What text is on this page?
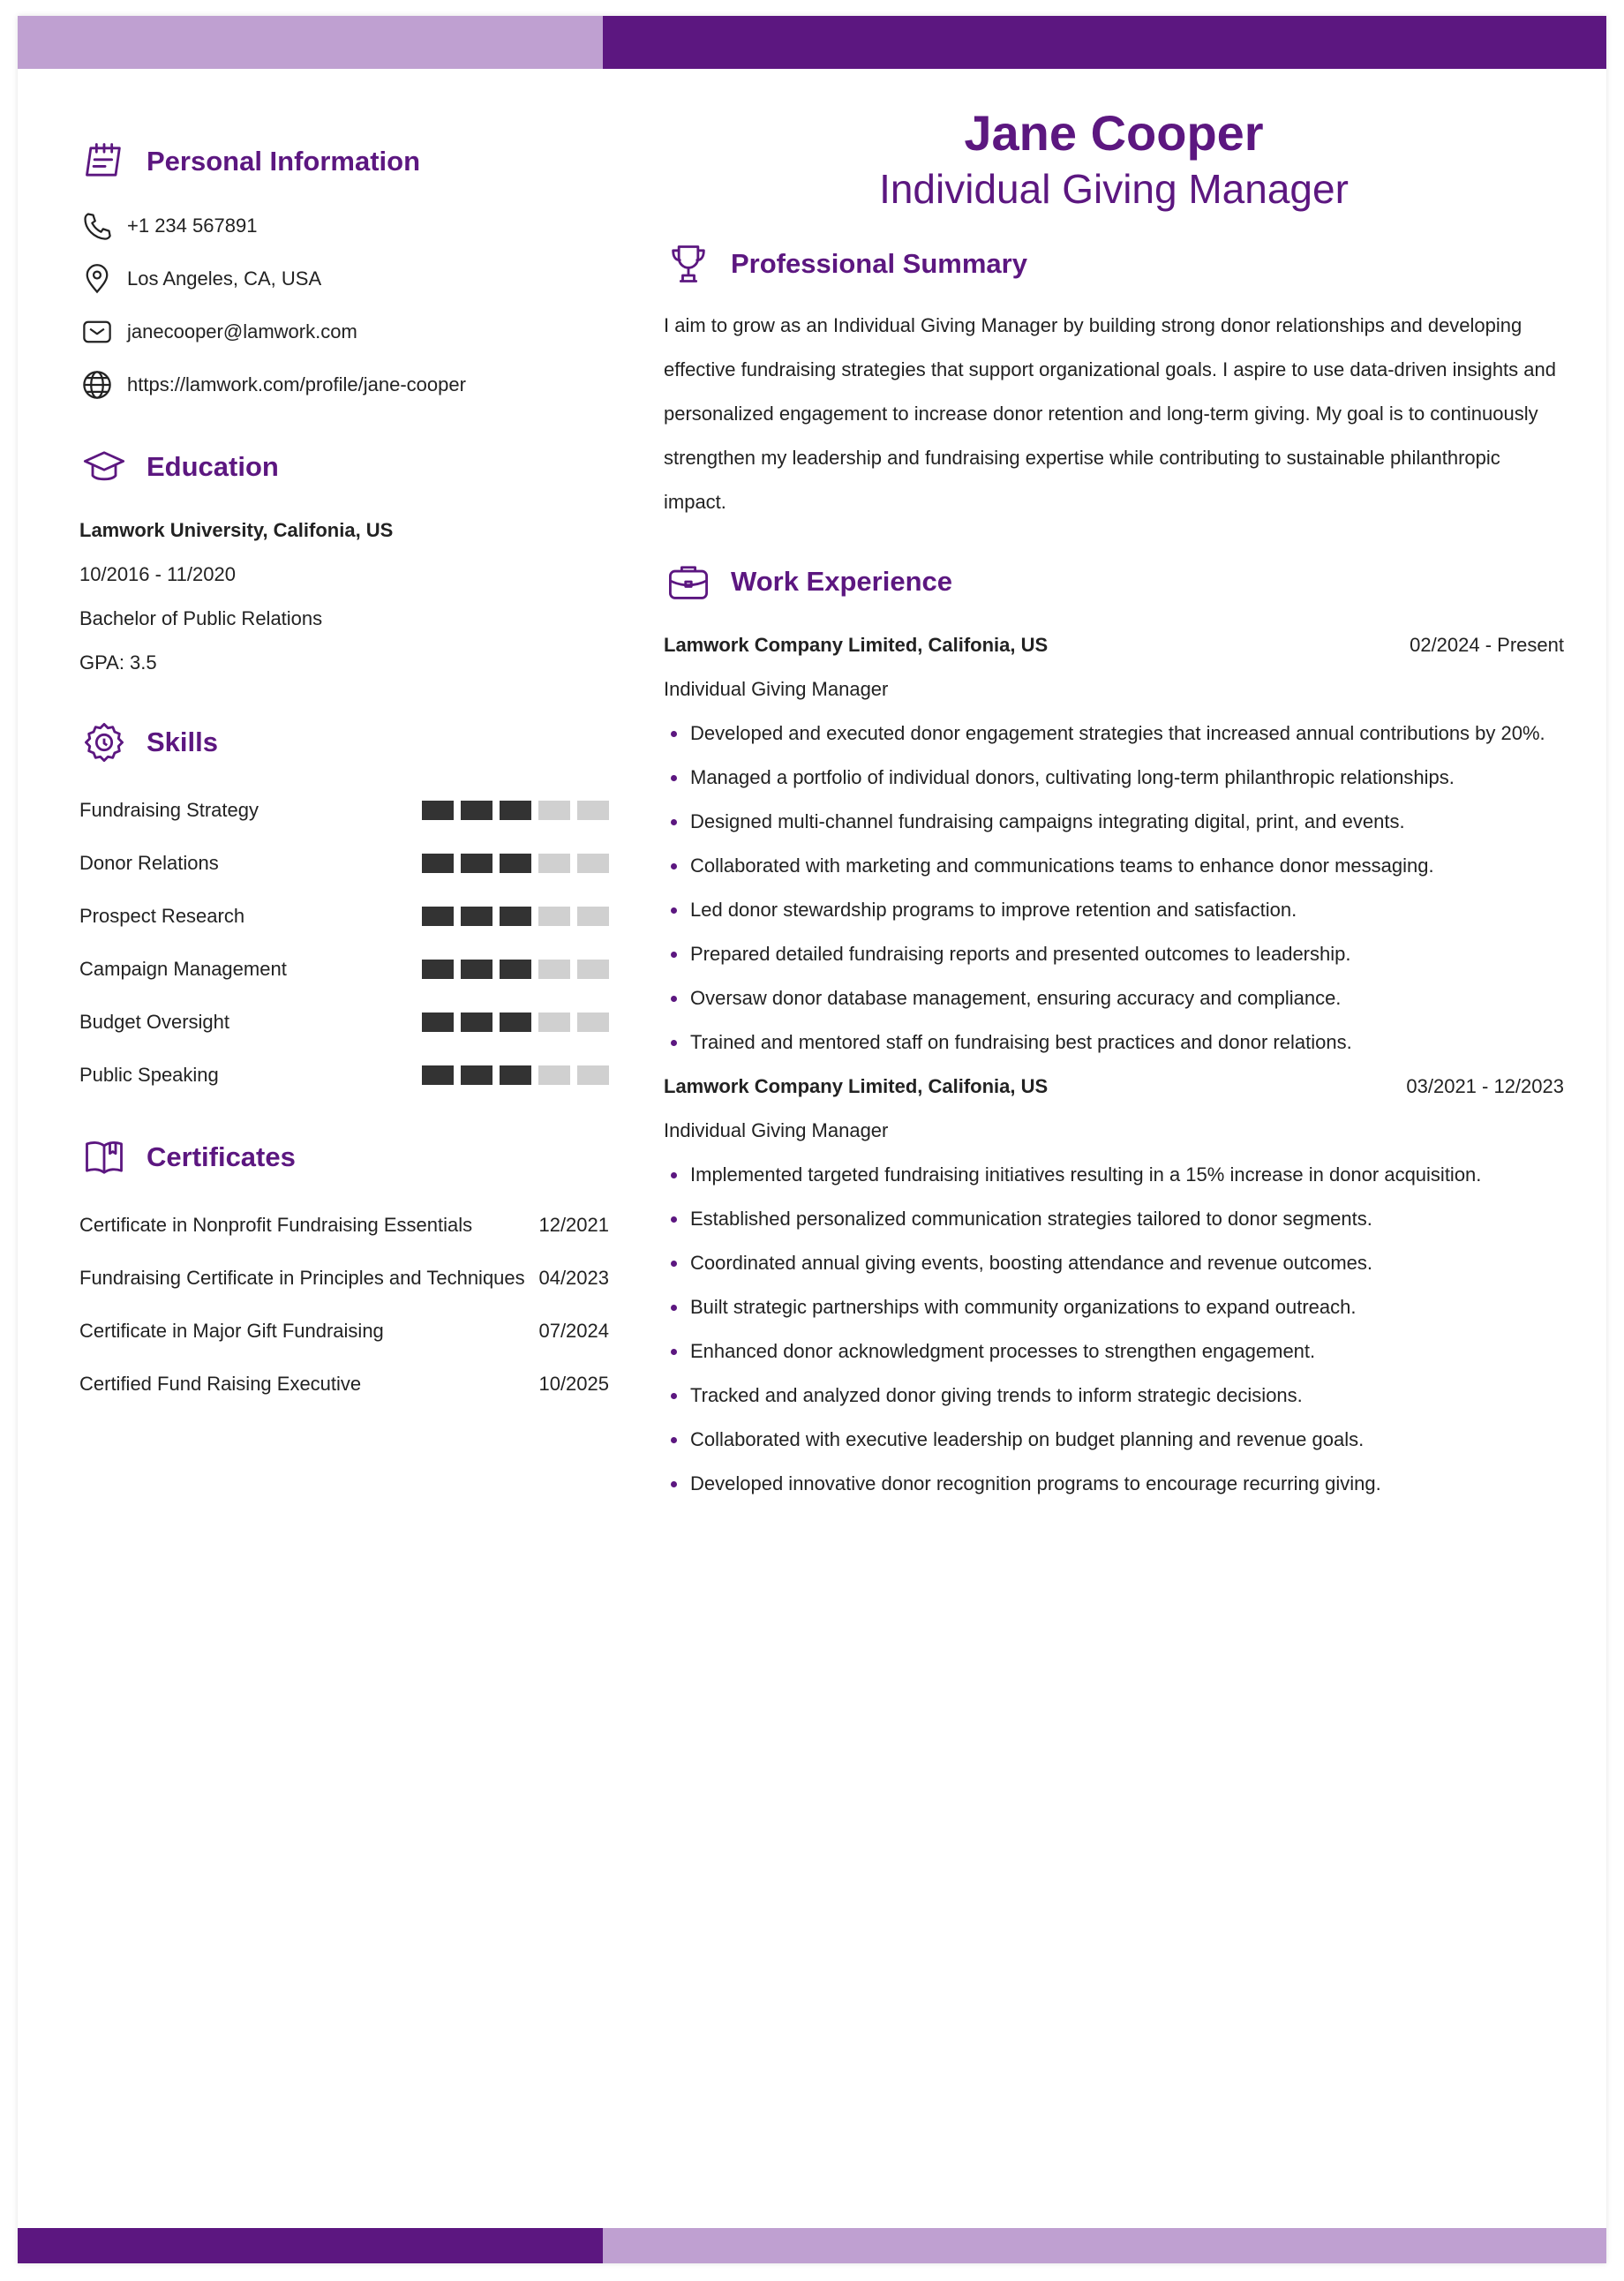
Personal Information
+1 234 567891
Los Angeles, CA, USA
janecooper@lamwork.com
https://lamwork.com/profile/jane-cooper
Education
Lamwork University, Califonia, US
10/2016 - 11/2020
Bachelor of Public Relations
GPA: 3.5
Skills
Fundraising Strategy
Donor Relations
Prospect Research
Campaign Management
Budget Oversight
Public Speaking
Certificates
Certificate in Nonprofit Fundraising Essentials	12/2021
Fundraising Certificate in Principles and Techniques 04/2023
Certificate in Major Gift Fundraising	07/2024
Certified Fund Raising Executive	10/2025
Jane Cooper
Individual Giving Manager
Professional Summary
I aim to grow as an Individual Giving Manager by building strong donor relationships and developing effective fundraising strategies that support organizational goals. I aspire to use data-driven insights and personalized engagement to increase donor retention and long-term giving. My goal is to continuously strengthen my leadership and fundraising expertise while contributing to sustainable philanthropic impact.
Work Experience
Lamwork Company Limited, Califonia, US	02/2024 - Present
Individual Giving Manager
Developed and executed donor engagement strategies that increased annual contributions by 20%.
Managed a portfolio of individual donors, cultivating long-term philanthropic relationships.
Designed multi-channel fundraising campaigns integrating digital, print, and events.
Collaborated with marketing and communications teams to enhance donor messaging.
Led donor stewardship programs to improve retention and satisfaction.
Prepared detailed fundraising reports and presented outcomes to leadership.
Oversaw donor database management, ensuring accuracy and compliance.
Trained and mentored staff on fundraising best practices and donor relations.
Lamwork Company Limited, Califonia, US	03/2021 - 12/2023
Individual Giving Manager
Implemented targeted fundraising initiatives resulting in a 15% increase in donor acquisition.
Established personalized communication strategies tailored to donor segments.
Coordinated annual giving events, boosting attendance and revenue outcomes.
Built strategic partnerships with community organizations to expand outreach.
Enhanced donor acknowledgment processes to strengthen engagement.
Tracked and analyzed donor giving trends to inform strategic decisions.
Collaborated with executive leadership on budget planning and revenue goals.
Developed innovative donor recognition programs to encourage recurring giving.
